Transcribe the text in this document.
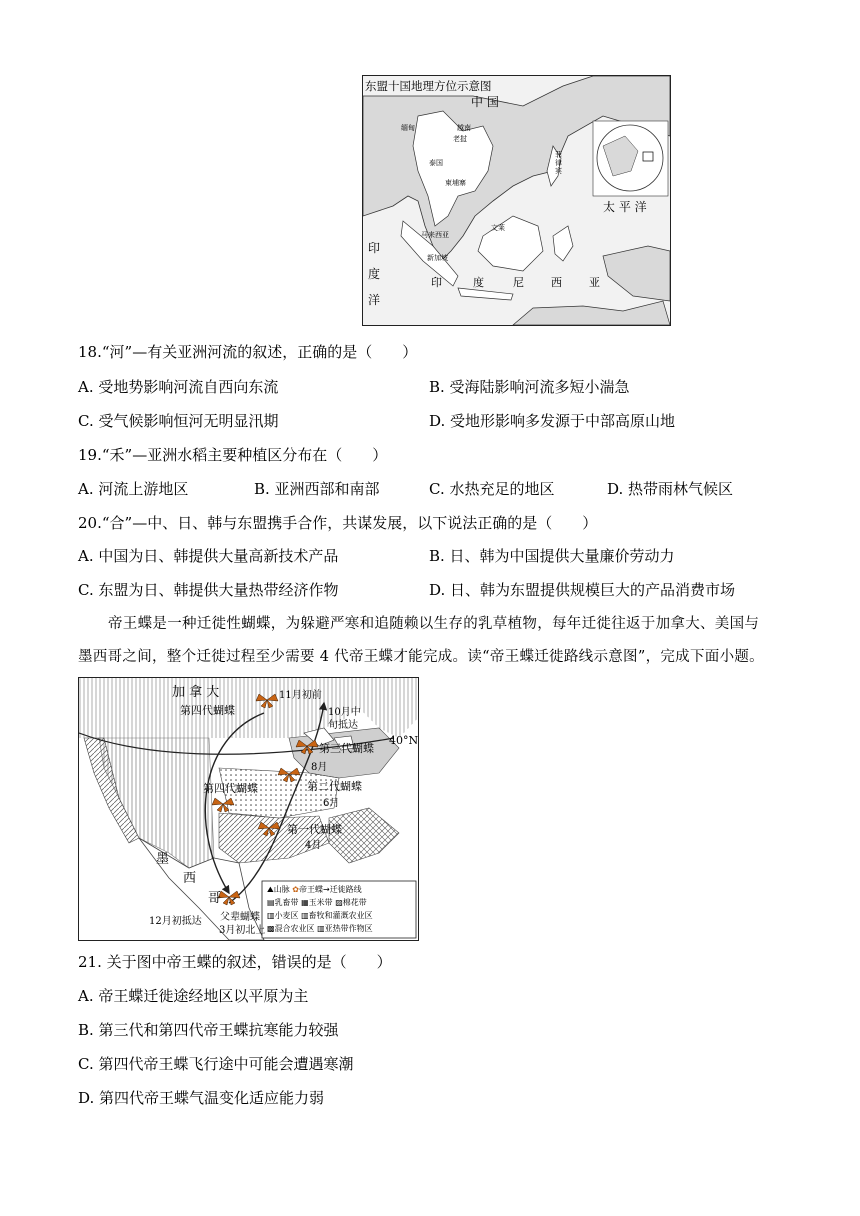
东盟十国地理方位示意图
中 国
缅甸	越南
老挝
泰国
柬埔寨
菲律宾
马来西亚
文莱
新加坡
太 平 洋
印
度
洋
印	度	尼 西 亚
18.“河”—有关亚洲河流的叙述，正确的是（　　）
A. 受地势影响河流自西向东流	B. 受海陆影响河流多短小湍急
C. 受气候影响恒河无明显汛期	D. 受地形影响多发源于中部高原山地
19.“禾”—亚洲水稻主要种植区分布在（　　）
A. 河流上游地区	B. 亚洲西部和南部	C. 水热充足的地区	D. 热带雨林气候区
20.“合”—中、日、韩与东盟携手合作，共谋发展，以下说法正确的是（　　）
A. 中国为日、韩提供大量高新技术产品	B. 日、韩为中国提供大量廉价劳动力
C. 东盟为日、韩提供大量热带经济作物	D. 日、韩为东盟提供规模巨大的产品消费市场
帝王蝶是一种迁徙性蝴蝶，为躲避严寒和追随赖以生存的乳草植物，每年迁徙往返于加拿大、美国与
墨西哥之间，整个迁徙过程至少需要 4 代帝王蝶才能完成。读“帝王蝶迁徙路线示意图”，完成下面小题。
加 拿 大
墨
西
哥
40°N
第四代蝴蝶
11月初前
10月中
旬抵达
第三代蝴蝶
8月
第四代蝴蝶	第二代蝴蝶
6月
第一代蝴蝶
4月
12月初抵达 父辈蝴蝶
3月初北上
⛰山脉 ✿帝王蝶→迁徙路线
▤乳畜带 ▦玉米带 ▨棉花带
▥小麦区 ▥畜牧和灌溉农业区
▩混合农业区 ▥亚热带作物区
21. 关于图中帝王蝶的叙述，错误的是（　　）
A. 帝王蝶迁徙途经地区以平原为主
B. 第三代和第四代帝王蝶抗寒能力较强
C. 第四代帝王蝶飞行途中可能会遭遇寒潮
D. 第四代帝王蝶气温变化适应能力弱
